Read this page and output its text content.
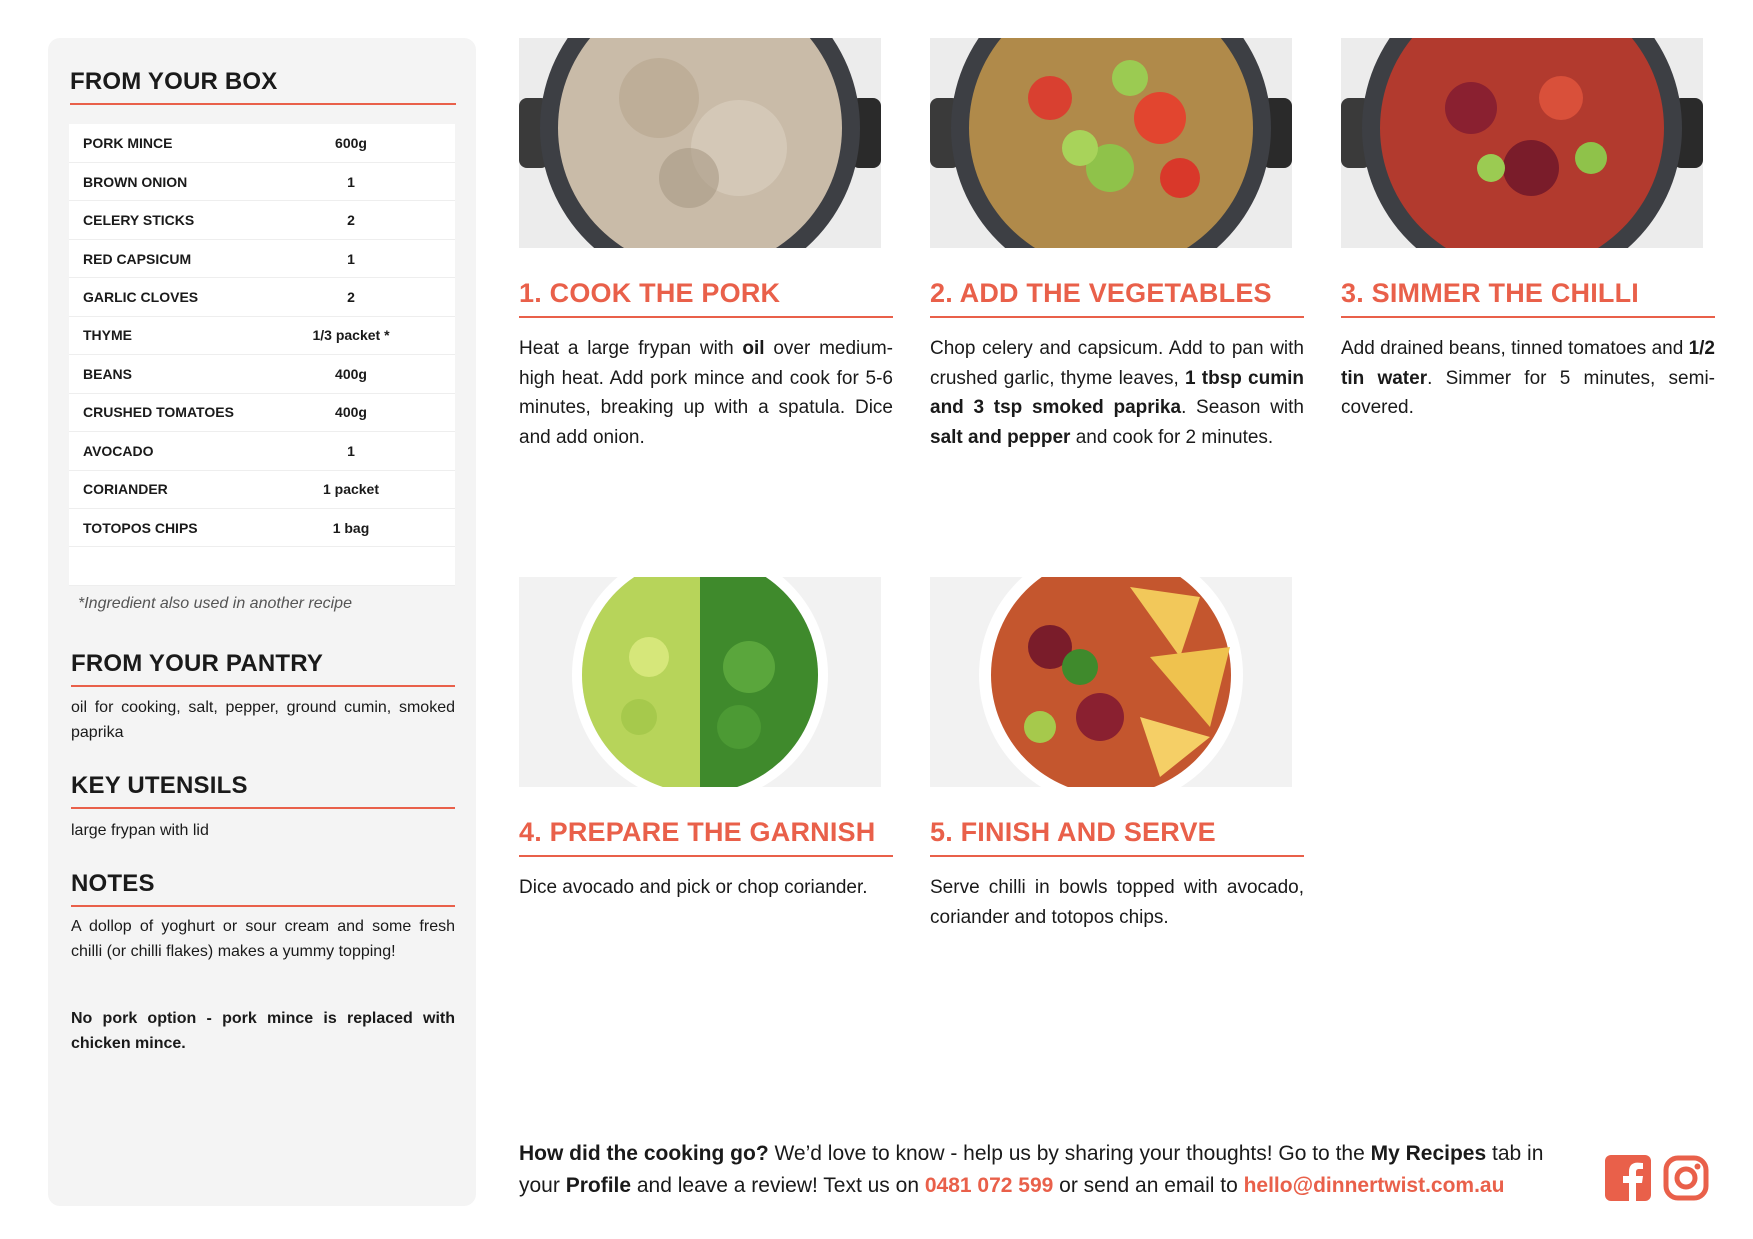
FROM YOUR BOX
PORK MINCE	600g
BROWN ONION	1
CELERY STICKS	2
RED CAPSICUM	1
GARLIC CLOVES	2
THYME	1/3 packet *
BEANS	400g
CRUSHED TOMATOES	400g
AVOCADO	1
CORIANDER	1 packet
TOTOPOS CHIPS	1 bag

*Ingredient also used in another recipe
FROM YOUR PANTRY

oil for cooking, salt, pepper, ground cumin, smoked paprika

KEY UTENSILS

large frypan with lid

NOTES

A dollop of yoghurt or sour cream and some fresh chilli (or chilli flakes) makes a yummy topping!

No pork option - pork mince is replaced with chicken mince.

1. COOK THE PORK

Heat a large frypan with oil over medium-high heat. Add pork mince and cook for 5-6 minutes, breaking up with a spatula. Dice and add onion.

2. ADD THE VEGETABLES

Chop celery and capsicum. Add to pan with crushed garlic, thyme leaves, 1 tbsp cumin and 3 tsp smoked paprika. Season with salt and pepper and cook for 2 minutes.

3. SIMMER THE CHILLI

Add drained beans, tinned tomatoes and 1/2 tin water. Simmer for 5 minutes, semi-covered.

4. PREPARE THE GARNISH

Dice avocado and pick or chop coriander.

5. FINISH AND SERVE

Serve chilli in bowls topped with avocado, coriander and totopos chips.

How did the cooking go? We’d love to know - help us by sharing your thoughts! Go to the My Recipes tab in your Profile and leave a review! Text us on 0481 072 599 or send an email to hello@dinnertwist.com.au
